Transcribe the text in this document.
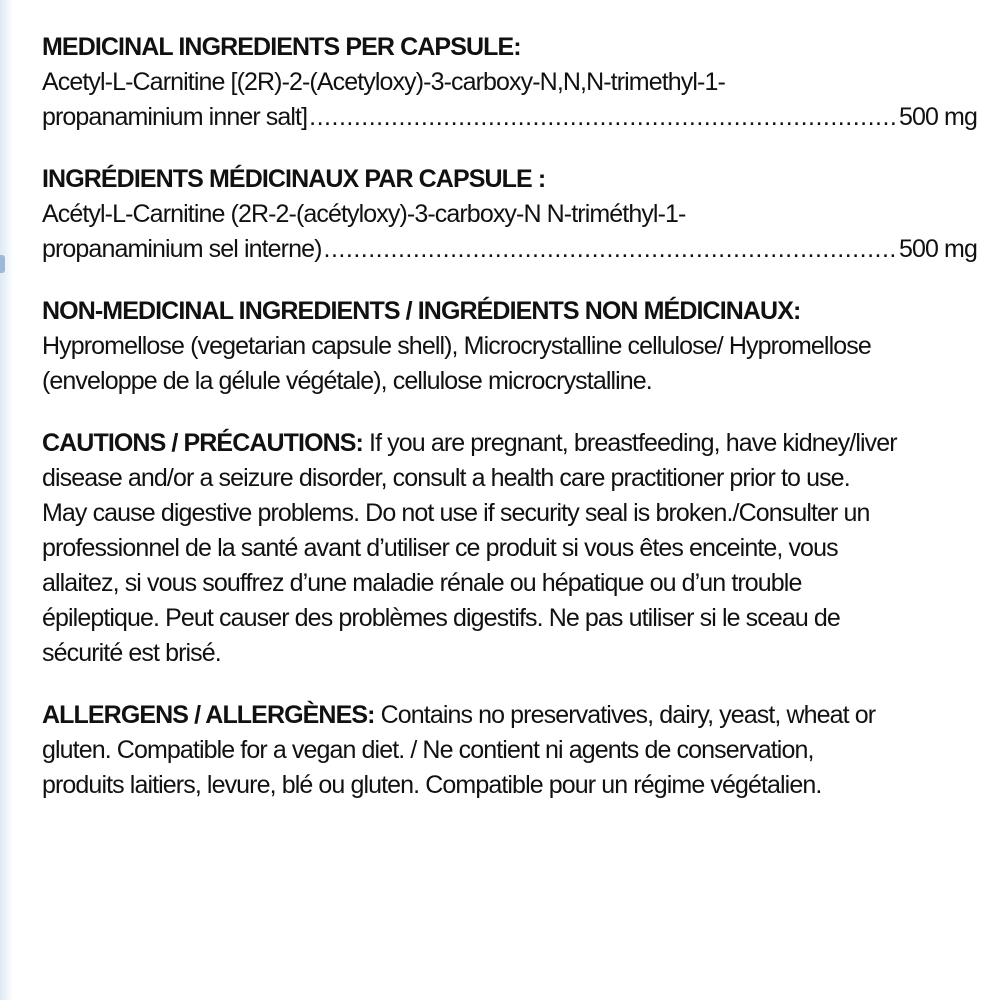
MEDICINAL INGREDIENTS PER CAPSULE:
Acetyl-L-Carnitine [(2R)-2-(Acetyloxy)-3-carboxy-N,N,N-trimethyl-1-
propanaminium inner salt] .....	500 mg
INGRÉDIENTS MÉDICINAUX PAR CAPSULE :
Acétyl-L-Carnitine (2R-2-(acétyloxy)-3-carboxy-N N-triméthyl-1-
propanaminium sel interne) .....	500 mg
NON-MEDICINAL INGREDIENTS / INGRÉDIENTS NON MÉDICINAUX:
Hypromellose (vegetarian capsule shell), Microcrystalline cellulose/ Hypromellose
(enveloppe de la gélule végétale), cellulose microcrystalline.
CAUTIONS / PRÉCAUTIONS: If you are pregnant, breastfeeding, have kidney/liver
disease and/or a seizure disorder, consult a health care practitioner prior to use.
May cause digestive problems. Do not use if security seal is broken./Consulter un
professionnel de la santé avant d’utiliser ce produit si vous êtes enceinte, vous
allaitez, si vous souffrez d’une maladie rénale ou hépatique ou d’un trouble
épileptique. Peut causer des problèmes digestifs. Ne pas utiliser si le sceau de
sécurité est brisé.
ALLERGENS / ALLERGÈNES: Contains no preservatives, dairy, yeast, wheat or
gluten. Compatible for a vegan diet. / Ne contient ni agents de conservation,
produits laitiers, levure, blé ou gluten. Compatible pour un régime végétalien.
